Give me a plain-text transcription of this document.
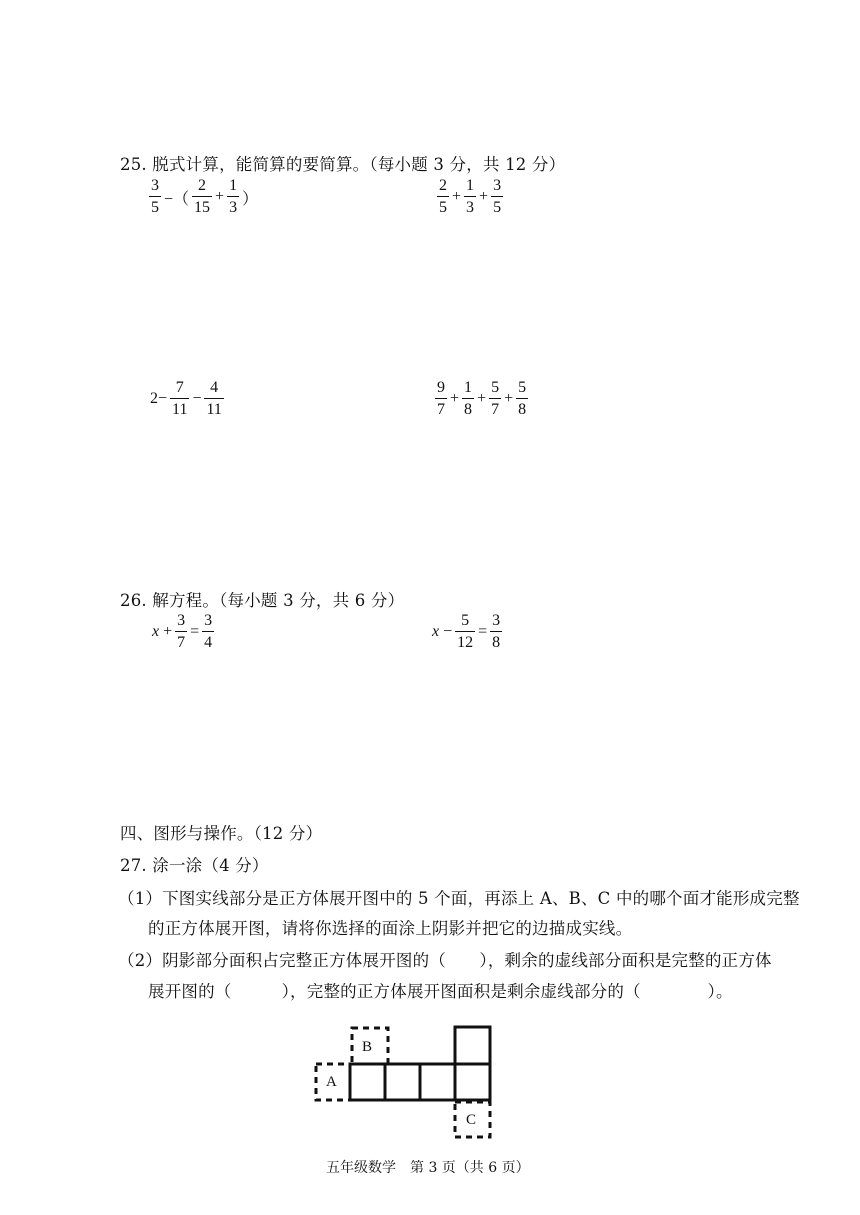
25. 脱式计算，能简算的要简算。（每小题 3 分，共 12 分）
$\frac{3}{5}$ −（ $\frac{2}{15} + \frac{1}{3}$ ）	$\frac{2}{5} + \frac{1}{3} + \frac{3}{5}$
$2- \frac{7}{11} - \frac{4}{11}$	$\frac{9}{7} + \frac{1}{8} + \frac{5}{7} + \frac{5}{8}$
26. 解方程。（每小题 3 分，共 6 分）
$x + \frac{3}{7} = \frac{3}{4}$	$x - \frac{5}{12} = \frac{3}{8}$
四、图形与操作。（12 分）
27. 涂一涂（4 分）
（1）下图实线部分是正方体展开图中的 5 个面，再添上 A、B、C 中的哪个面才能形成完整
的正方体展开图，请将你选择的面涂上阴影并把它的边描成实线。
（2）阴影部分面积占完整正方体展开图的（　　），剩余的虚线部分面积是完整的正方体
展开图的（　　　），完整的正方体展开图面积是剩余虚线部分的（　　　　）。
B
A
C
五年级数学　第 3 页（共 6 页）
